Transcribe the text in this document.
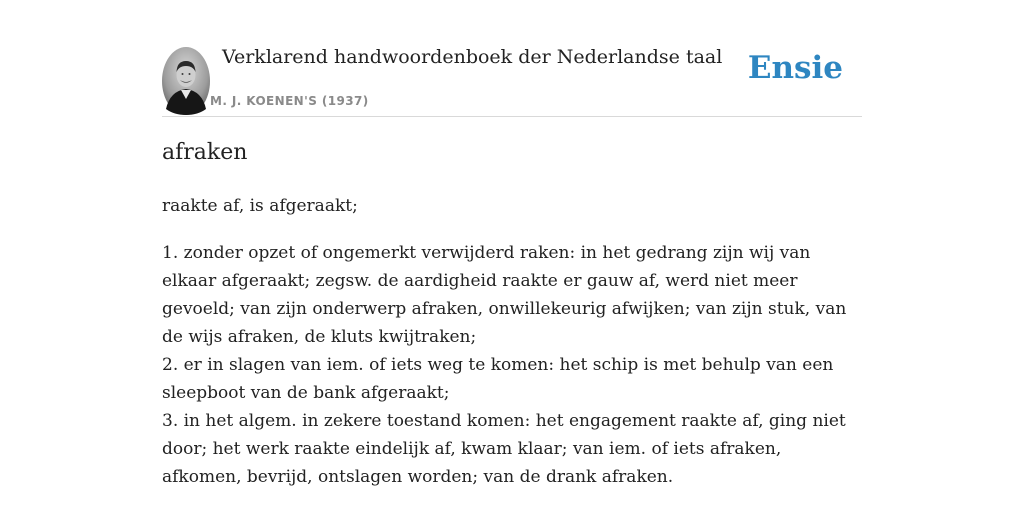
Verklarend handwoordenboek der Nederlandse taal
M. J. KOENEN'S (1937)
Ensie
afraken

raakte af, is afgeraakt;

1. zonder opzet of ongemerkt verwijderd raken: in het gedrang zijn wij van elkaar afgeraakt; zegsw. de aardigheid raakte er gauw af, werd niet meer gevoeld; van zijn onderwerp afraken, onwillekeurig afwijken; van zijn stuk, van de wijs afraken, de kluts kwijtraken;

2. er in slagen van iem. of iets weg te komen: het schip is met behulp van een sleepboot van de bank afgeraakt;

3. in het algem. in zekere toestand komen: het engagement raakte af, ging niet door; het werk raakte eindelijk af, kwam klaar; van iem. of iets afraken, afkomen, bevrijd, ontslagen worden; van de drank afraken.
